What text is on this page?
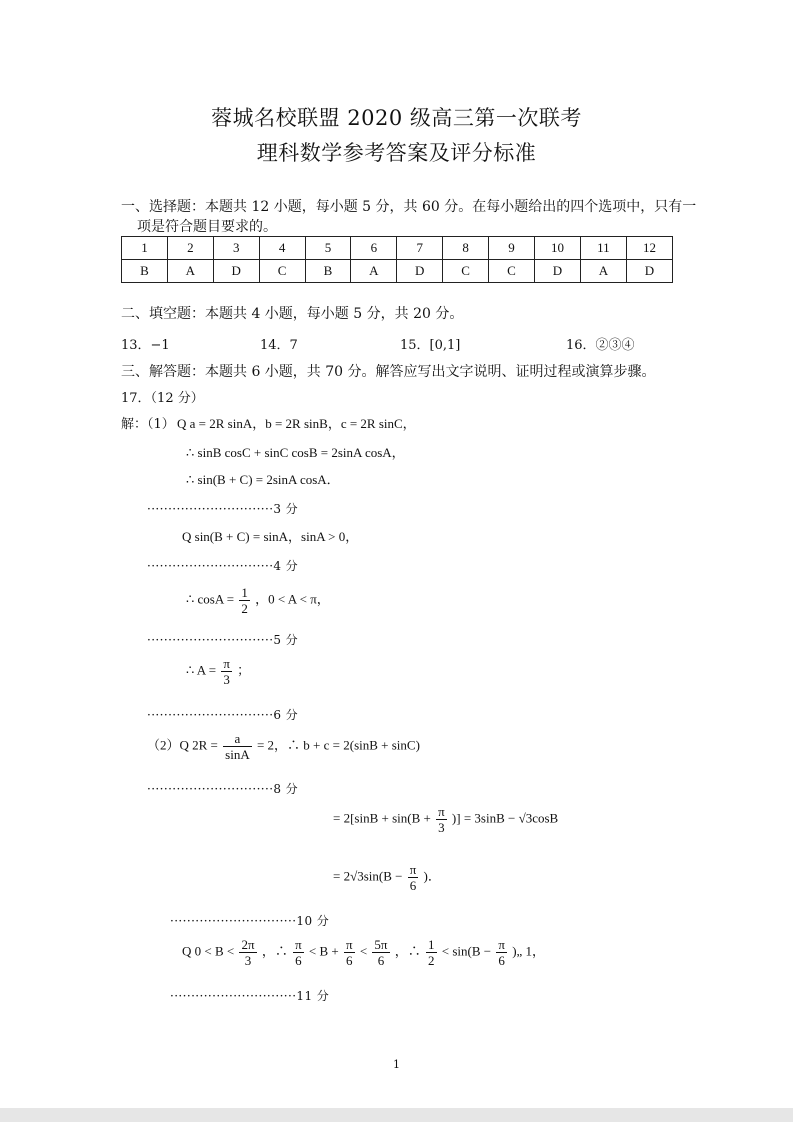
蓉城名校联盟 2020 级高三第一次联考
理科数学参考答案及评分标准
一、选择题：本题共 12 小题，每小题 5 分，共 60 分。在每小题给出的四个选项中，只有一
项是符合题目要求的。
1	2	3	4	5	6	7	8	9	10	11	12
B	A	D	C	B	A	D	C	C	D	A	D
二、填空题：本题共 4 小题，每小题 5 分，共 20 分。
13．−1	14．7	15．[0,1]	16．②③④
三、解答题：本题共 6 小题，共 70 分。解答应写出文字说明、证明过程或演算步骤。
17．（12 分）
解：（1） Q a = 2R sinA，b = 2R sinB，c = 2R sinC，
∴ sinB cosC + sinC cosB = 2sinA cosA，
∴ sin(B + C) = 2sinA cosA．
······························3 分
Q sin(B + C) = sinA，sinA > 0，
······························4 分
∴ $\cos A = \frac{1}{2}$ ，0 < A < π，
······························5 分
∴ $A = \frac{\pi}{3}$ ；
······························6 分
（2）Q $2R = \frac{a}{\sin A} = 2$，∴ b + c = 2(sinB + sinC)
······························8 分
= $2[\sin B + \sin(B + \frac{\pi}{3}$ )] = 3sinB − √3cosB
= $2√3\sin(B - \frac{\pi}{6}$ )．
······························10 分
Q $0 < B < \frac{2\pi}{3}$ ，∴ $\frac{\pi}{6} < B + \frac{\pi}{6} < \frac{5\pi}{6}$ ，∴ $\frac{1}{2} < \sin(B - \frac{\pi}{6}$ )„ 1，
······························11 分
1
